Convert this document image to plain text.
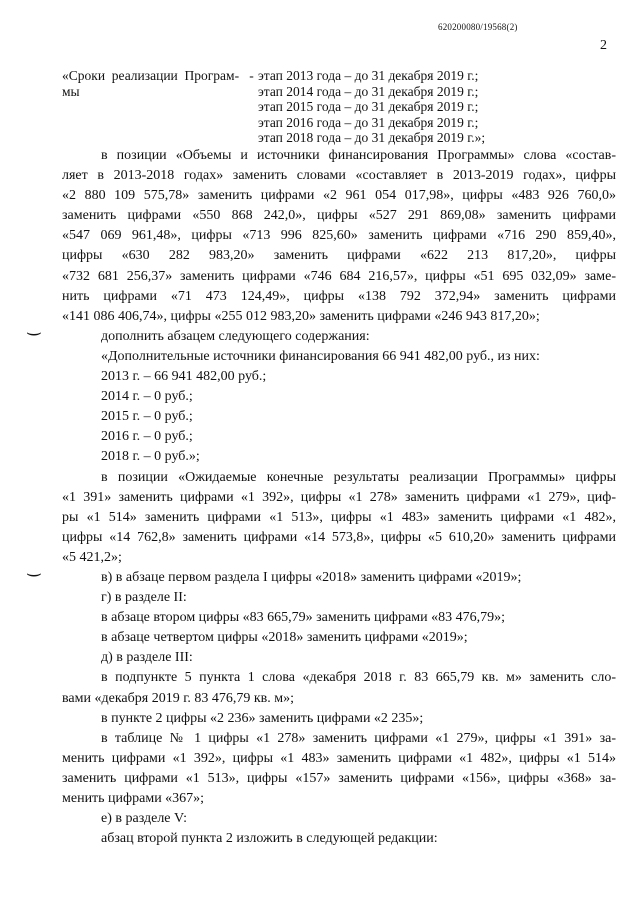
620200080/19568(2)
2
⌣
⌣
«Сроки  реализации  Програм-   -
мы
этап 2013 года – до 31 декабря 2019 г.;
этап 2014 года – до 31 декабря 2019 г.;
этап 2015 года – до 31 декабря 2019 г.;
этап 2016 года – до 31 декабря 2019 г.;
этап 2018 года – до 31 декабря 2019 г.»;

в позиции «Объемы и источники финансирования Программы» слова «состав-

ляет в 2013-2018 годах» заменить словами «составляет в 2013-2019 годах», цифры

«2 880 109 575,78» заменить цифрами «2 961 054 017,98», цифры «483 926 760,0»

заменить цифрами «550 868 242,0», цифры «527 291 869,08» заменить цифрами

«547 069 961,48», цифры «713 996 825,60» заменить цифрами «716 290 859,40»,

цифры «630 282 983,20» заменить цифрами «622 213 817,20», цифры

«732 681 256,37» заменить цифрами «746 684 216,57», цифры «51 695 032,09» заме-

нить цифрами «71 473 124,49», цифры «138 792 372,94» заменить цифрами

«141 086 406,74», цифры «255 012 983,20» заменить цифрами «246 943 817,20»;

дополнить абзацем следующего содержания:

«Дополнительные источники финансирования 66 941 482,00 руб., из них:

2013 г. – 66 941 482,00 руб.;

2014 г. – 0 руб.;

2015 г. – 0 руб.;

2016 г. – 0 руб.;

2018 г. – 0 руб.»;

в позиции «Ожидаемые конечные результаты реализации Программы» цифры

«1 391» заменить цифрами «1 392», цифры «1 278» заменить цифрами «1 279», циф-

ры «1 514» заменить цифрами «1 513», цифры «1 483» заменить цифрами «1 482»,

цифры «14 762,8» заменить цифрами «14 573,8», цифры «5 610,20» заменить цифрами

«5 421,2»;

в) в абзаце первом раздела I цифры «2018» заменить цифрами «2019»;

г) в разделе II:

в абзаце втором цифры «83 665,79» заменить цифрами «83 476,79»;

в абзаце четвертом цифры «2018» заменить цифрами «2019»;

д) в разделе III:

в подпункте 5 пункта 1 слова «декабря 2018 г. 83 665,79 кв. м» заменить сло-

вами «декабря 2019 г. 83 476,79 кв. м»;

в пункте 2 цифры «2 236» заменить цифрами «2 235»;

в таблице № 1 цифры «1 278» заменить цифрами «1 279», цифры «1 391» за-

менить цифрами «1 392», цифры «1 483» заменить цифрами «1 482», цифры «1 514»

заменить цифрами «1 513», цифры «157» заменить цифрами «156», цифры «368» за-

менить цифрами «367»;

е) в разделе V:

абзац второй пункта 2 изложить в следующей редакции:
